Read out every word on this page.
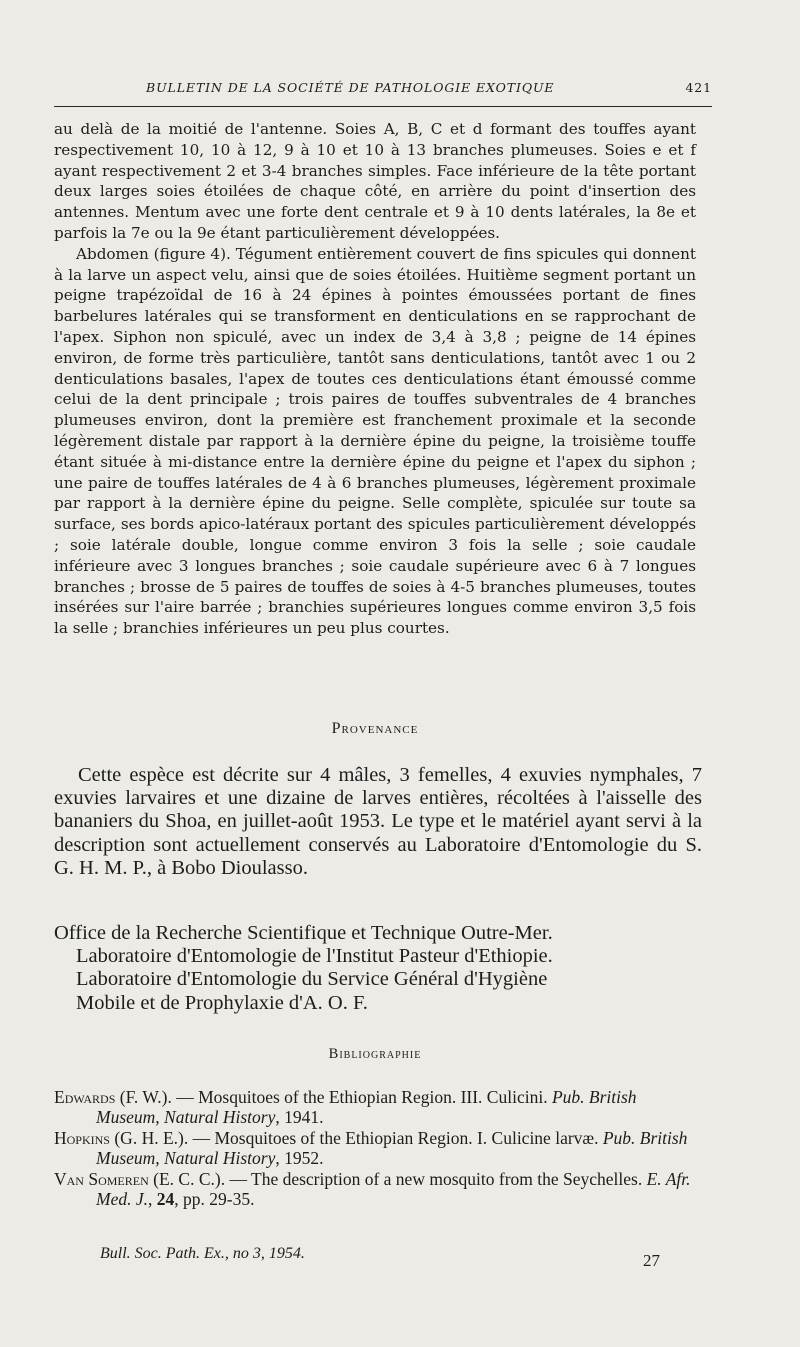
BULLETIN DE LA SOCIÉTÉ DE PATHOLOGIE EXOTIQUE	421

au delà de la moitié de l'antenne. Soies A, B, C et d formant des touffes ayant respectivement 10, 10 à 12, 9 à 10 et 10 à 13 branches plumeuses. Soies e et f ayant respectivement 2 et 3-4 branches simples. Face inférieure de la tête portant deux larges soies étoilées de chaque côté, en arrière du point d'insertion des antennes. Mentum avec une forte dent centrale et 9 à 10 dents latérales, la 8e et parfois la 7e ou la 9e étant particulièrement développées.

Abdomen (figure 4). Tégument entièrement couvert de fins spicules qui donnent à la larve un aspect velu, ainsi que de soies étoilées. Huitième segment portant un peigne trapézoïdal de 16 à 24 épines à pointes émoussées portant de fines barbelures latérales qui se transforment en denticulations en se rapprochant de l'apex. Siphon non spiculé, avec un index de 3,4 à 3,8 ; peigne de 14 épines environ, de forme très particulière, tantôt sans denticulations, tantôt avec 1 ou 2 denticulations basales, l'apex de toutes ces denticulations étant émoussé comme celui de la dent principale ; trois paires de touffes subventrales de 4 branches plumeuses environ, dont la première est franchement proximale et la seconde légèrement distale par rapport à la dernière épine du peigne, la troisième touffe étant située à mi-distance entre la dernière épine du peigne et l'apex du siphon ; une paire de touffes latérales de 4 à 6 branches plumeuses, légèrement proximale par rapport à la dernière épine du peigne. Selle complète, spiculée sur toute sa surface, ses bords apico-latéraux portant des spicules particulièrement développés ; soie latérale double, longue comme environ 3 fois la selle ; soie caudale inférieure avec 3 longues branches ; soie caudale supérieure avec 6 à 7 longues branches ; brosse de 5 paires de touffes de soies à 4-5 branches plumeuses, toutes insérées sur l'aire barrée ; branchies supérieures longues comme environ 3,5 fois la selle ; branchies inférieures un peu plus courtes.

Provenance

Cette espèce est décrite sur 4 mâles, 3 femelles, 4 exuvies nymphales, 7 exuvies larvaires et une dizaine de larves entières, récoltées à l'aisselle des bananiers du Shoa, en juillet-août 1953. Le type et le matériel ayant servi à la description sont actuellement conservés au Laboratoire d'Entomologie du S. G. H. M. P., à Bobo Dioulasso.

Office de la Recherche Scientifique et Technique Outre-Mer.
Laboratoire d'Entomologie de l'Institut Pasteur d'Ethiopie.
Laboratoire d'Entomologie du Service Général d'Hygiène
Mobile et de Prophylaxie d'A. O. F.
Bibliographie
Edwards (F. W.). — Mosquitoes of the Ethiopian Region. III. Culicini. Pub. British Museum, Natural History, 1941.
Hopkins (G. H. E.). — Mosquitoes of the Ethiopian Region. I. Culicine larvæ. Pub. British Museum, Natural History, 1952.
Van Someren (E. C. C.). — The description of a new mosquito from the Seychelles. E. Afr. Med. J., 24, pp. 29-35.
Bull. Soc. Path. Ex., no 3, 1954.	27
